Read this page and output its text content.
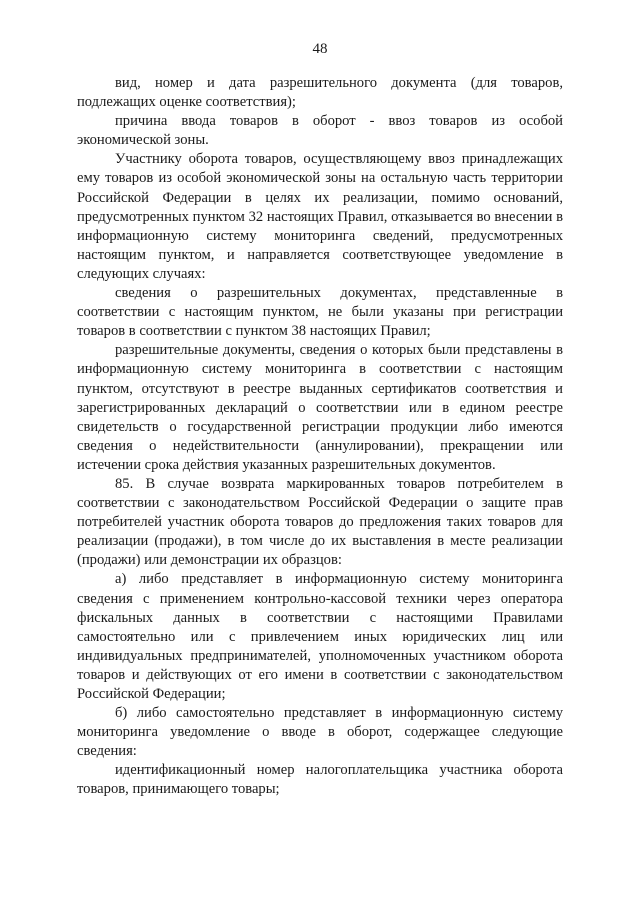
48

вид, номер и дата разрешительного документа (для товаров, подлежащих оценке соответствия);

причина ввода товаров в оборот - ввоз товаров из особой экономической зоны.

Участнику оборота товаров, осуществляющему ввоз принадлежащих ему товаров из особой экономической зоны на остальную часть территории Российской Федерации в целях их реализации, помимо оснований, предусмотренных пунктом 32 настоящих Правил, отказывается во внесении в информационную систему мониторинга сведений, предусмотренных настоящим пунктом, и направляется соответствующее уведомление в следующих случаях:

сведения о разрешительных документах, представленные в соответствии с настоящим пунктом, не были указаны при регистрации товаров в соответствии с пунктом 38 настоящих Правил;

разрешительные документы, сведения о которых были представлены в информационную систему мониторинга в соответствии с настоящим пунктом, отсутствуют в реестре выданных сертификатов соответствия и зарегистрированных деклараций о соответствии или в едином реестре свидетельств о государственной регистрации продукции либо имеются сведения о недействительности (аннулировании), прекращении или истечении срока действия указанных разрешительных документов.

85. В случае возврата маркированных товаров потребителем в соответствии с законодательством Российской Федерации о защите прав потребителей участник оборота товаров до предложения таких товаров для реализации (продажи), в том числе до их выставления в месте реализации (продажи) или демонстрации их образцов:

а) либо представляет в информационную систему мониторинга сведения с применением контрольно-кассовой техники через оператора фискальных данных в соответствии с настоящими Правилами самостоятельно или с привлечением иных юридических лиц или индивидуальных предпринимателей, уполномоченных участником оборота товаров и действующих от его имени в соответствии с законодательством Российской Федерации;

б) либо самостоятельно представляет в информационную систему мониторинга уведомление о вводе в оборот, содержащее следующие сведения:

идентификационный номер налогоплательщика участника оборота товаров, принимающего товары;
